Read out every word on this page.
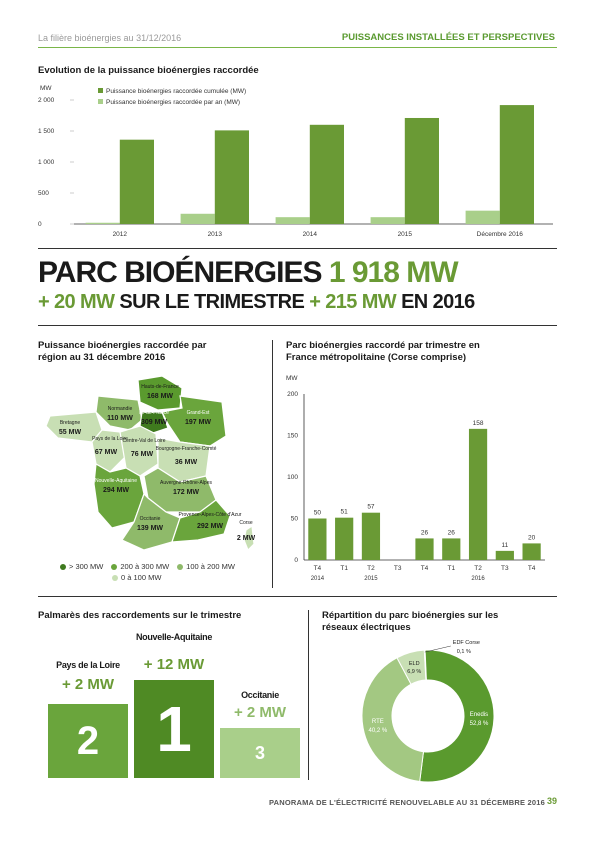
La filière bioénergies au 31/12/2016	PUISSANCES INSTALLÉES ET PERSPECTIVES
Evolution de la puissance bioénergies raccordée
MW
0
500
1 000
1 500
2 000
2012	2013	2014	2015	Décembre 2016
Puissance bioénergies raccordée cumulée (MW)
Puissance bioénergies raccordée par an (MW)
PARC BIOÉNERGIES 1 918 MW
+ 20 MW SUR LE TRIMESTRE + 215 MW EN 2016
Puissance bioénergies raccordée par
région au 31 décembre 2016
Hauts-de-France
168 MW
Normandie
110 MW
Île-de-France
309 MW
Grand-Est
197 MW
Bretagne
55 MW
Pays de la Loire
67 MW
Centre-Val de Loire
76 MW
Bourgogne-Franche-Comté
36 MW
Nouvelle-Aquitaine
294 MW
Auvergne-Rhône-Alpes
172 MW
Occitanie
139 MW
Provence-Alpes-Côte d'Azur
292 MW	Corse
2 MW
> 300 MW 200 à 300 MW 100 à 200 MW
0 à 100 MW
Parc bioénergies raccordé par trimestre en
France métropolitaine (Corse comprise)
MW
0
50
100
150
200
50
T4
51
T1
57
T2	T3
26
T4
26
T1
158
T2
11
T3
20
T4
2014	2015	2016
Palmarès des raccordements sur le trimestre
Pays de la Loire
+ 2 MW
2
Nouvelle-Aquitaine
+ 12 MW
1	Occitanie
+ 2 MW
3
Répartition du parc bioénergies sur les
réseaux électriques
Enedis
52,8 %
RTE
40,2 %
ELD
6,9 %
EDF Corse
0,1 %
PANORAMA DE L'ÉLECTRICITÉ RENOUVELABLE AU 31 DÉCEMBRE 2016 39
